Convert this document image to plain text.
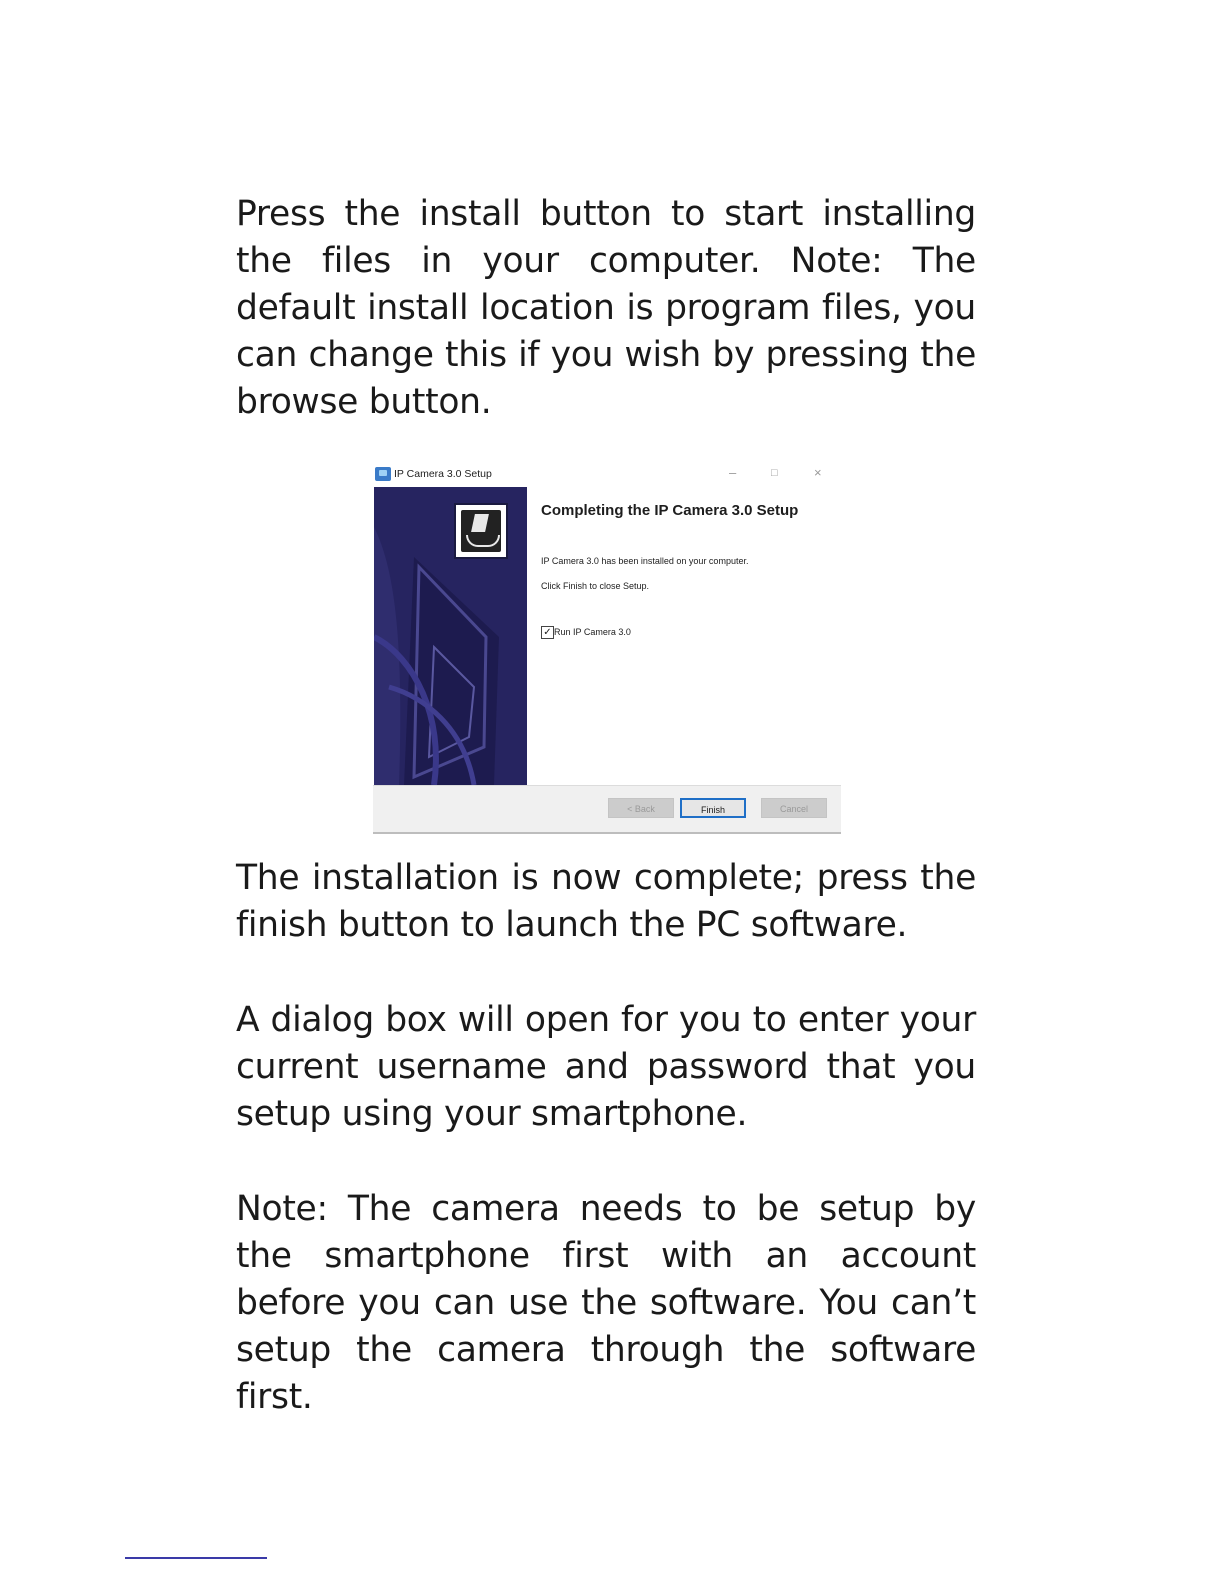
Press the install button to start installing the files in your computer. Note: The default install location is program files, you can change this if you wish by pressing the browse button.

IP Camera 3.0 Setup	–	□	×
Completing the IP Camera 3.0 Setup
IP Camera 3.0 has been installed on your computer.
Click Finish to close Setup.
✓ Run IP Camera 3.0
< Back	Finish	Cancel

The installation is now complete; press the finish button to launch the PC software.

A dialog box will open for you to enter your current username and password that you setup using your smartphone.

Note: The camera needs to be setup by the smartphone first with an account before you can use the software. You can’t setup the camera through the software first.
